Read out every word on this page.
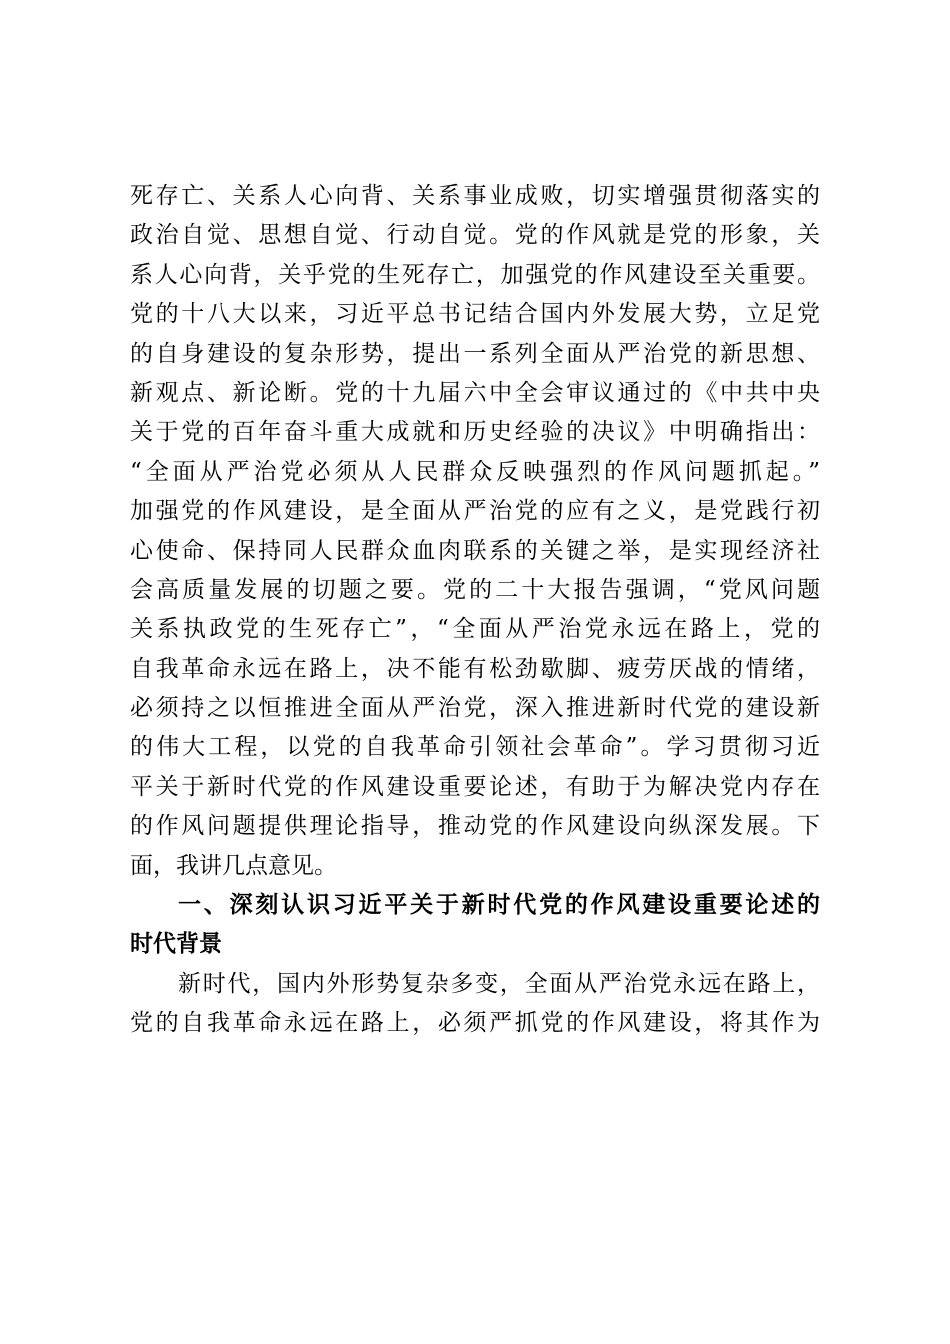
死存亡、关系人心向背、关系事业成败，切实增强贯彻落实的
政治自觉、思想自觉、行动自觉。党的作风就是党的形象，关
系人心向背，关乎党的生死存亡，加强党的作风建设至关重要。
党的十八大以来，习近平总书记结合国内外发展大势，立足党
的自身建设的复杂形势，提出一系列全面从严治党的新思想、
新观点、新论断。党的十九届六中全会审议通过的《中共中央
关于党的百年奋斗重大成就和历史经验的决议》中明确指出：
“全面从严治党必须从人民群众反映强烈的作风问题抓起。”
加强党的作风建设，是全面从严治党的应有之义，是党践行初
心使命、保持同人民群众血肉联系的关键之举，是实现经济社
会高质量发展的切题之要。党的二十大报告强调，“党风问题
关系执政党的生死存亡”，“全面从严治党永远在路上，党的
自我革命永远在路上，决不能有松劲歇脚、疲劳厌战的情绪，
必须持之以恒推进全面从严治党，深入推进新时代党的建设新
的伟大工程，以党的自我革命引领社会革命”。学习贯彻习近
平关于新时代党的作风建设重要论述，有助于为解决党内存在
的作风问题提供理论指导，推动党的作风建设向纵深发展。下
面，我讲几点意见。
一、深刻认识习近平关于新时代党的作风建设重要论述的
时代背景
新时代，国内外形势复杂多变，全面从严治党永远在路上，
党的自我革命永远在路上，必须严抓党的作风建设，将其作为
